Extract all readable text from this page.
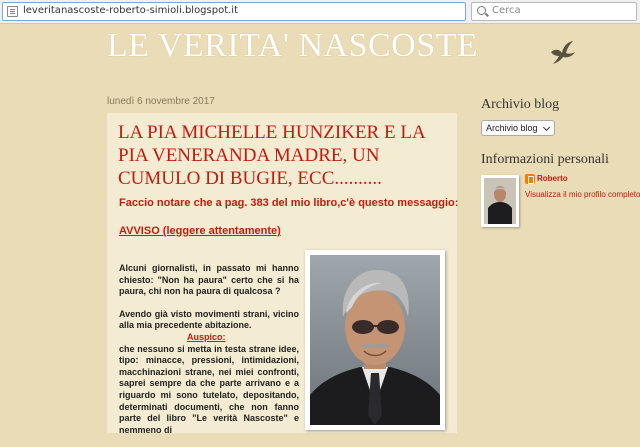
leveritanascoste-roberto-simioli.blogspot.it	Cerca
LE VERITA' NASCOSTE
lunedì 6 novembre 2017
LA PIA MICHELLE HUNZIKER E LA PIA VENERANDA MADRE, UN CUMULO DI BUGIE, ECC..........
Faccio notare che a pag. 383 del mio libro,c'è questo messaggio:
AVVISO (leggere attentamente)

Alcuni giornalisti, in passato mi hanno chiesto: "Non ha paura" certo che si ha paura, chi non ha paura di qualcosa ?

Avendo già visto movimenti strani, vicino alla mia precedente abitazione.

Auspico:

che nessuno si metta in testa strane idee, tipo: minacce, pressioni, intimidazioni, macchinazioni strane, nei miei confronti, saprei sempre da che parte arrivano e a riguardo mi sono tutelato, depositando, determinati documenti, che non fanno parte del libro "Le verità Nascoste" e nemmeno di

Archivio blog
Archivio blog
Informazioni personali
Roberto
Visualizza il mio profilo completo
